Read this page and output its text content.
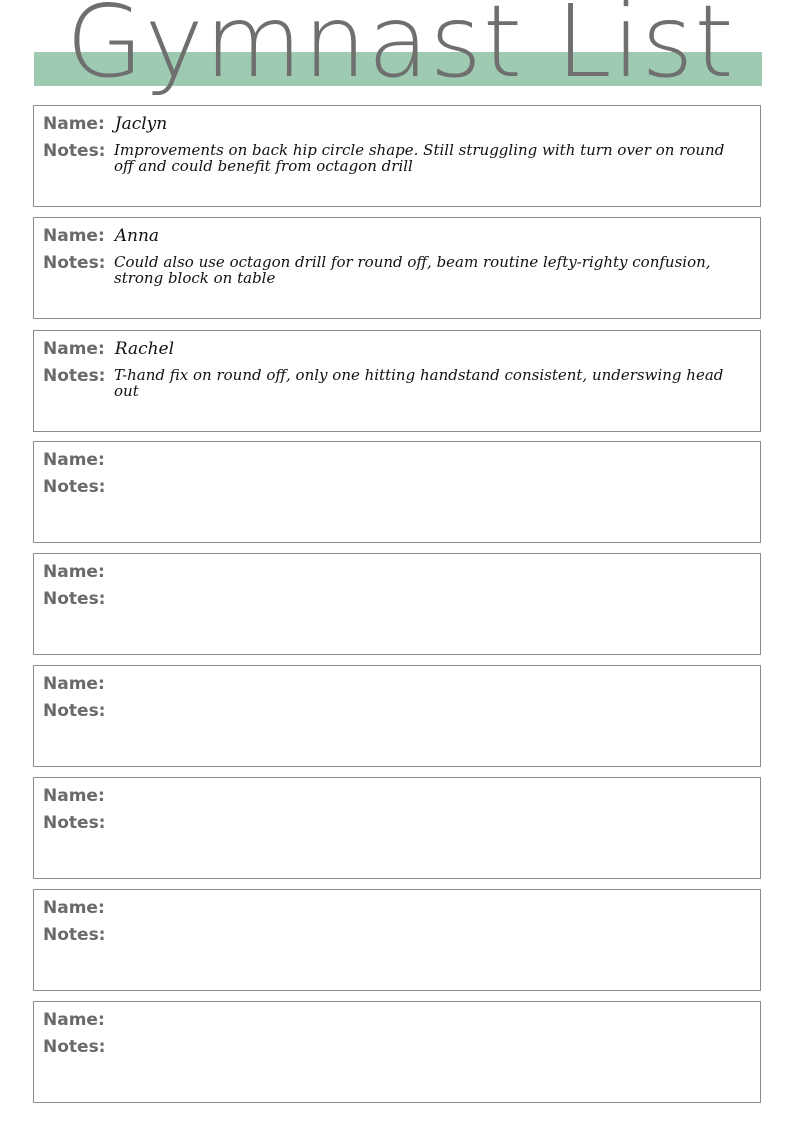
Gymnast List
Name: Jaclyn
Notes: Improvements on back hip circle shape. Still struggling with turn over on round off and could benefit from octagon drill
Name: Anna
Notes: Could also use octagon drill for round off, beam routine lefty-righty confusion, strong block on table
Name: Rachel
Notes: T-hand fix on round off, only one hitting handstand consistent, underswing head out
Name:
Notes:
Name:
Notes:
Name:
Notes:
Name:
Notes:
Name:
Notes:
Name:
Notes:
